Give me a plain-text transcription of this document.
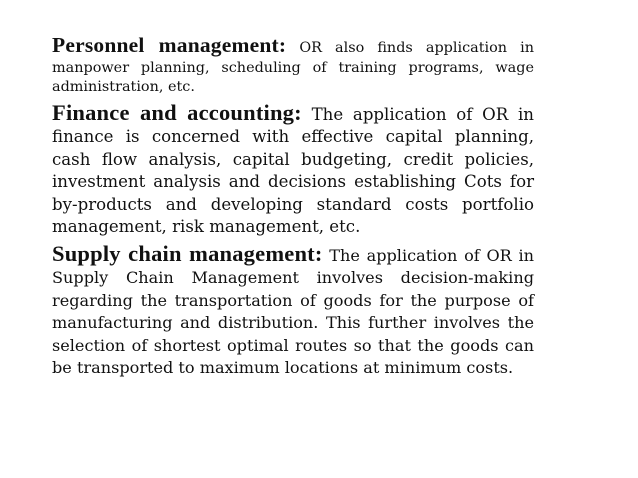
Personnel management: OR also finds application in manpower planning, scheduling of training programs, wage administration, etc.

Finance and accounting: The application of OR in finance is concerned with effective capital planning, cash flow analysis, capital budgeting, credit policies, investment analysis and decisions establishing Cots for by-products and developing standard costs portfolio management, risk management, etc.

Supply chain management: The application of OR in Supply Chain Management involves decision-making regarding the transportation of goods for the purpose of manufacturing and distribution. This further involves the selection of shortest optimal routes so that the goods can be transported to maximum locations at minimum costs.
